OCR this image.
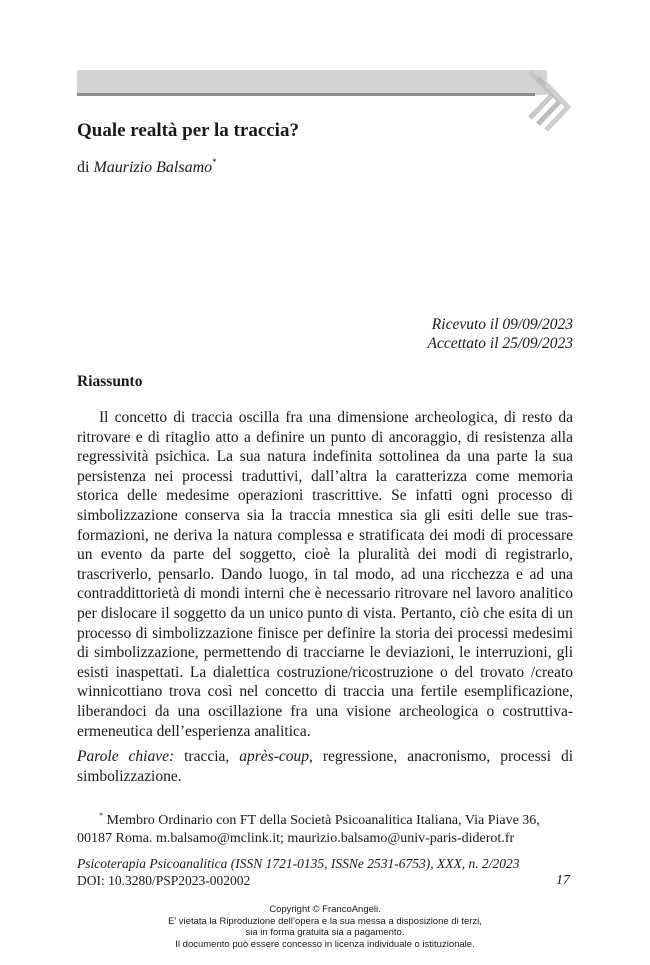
Quale realtà per la traccia?
di Maurizio Balsamo*
Ricevuto il 09/09/2023
Accettato il 25/09/2023
Riassunto

Il concetto di traccia oscilla fra una dimensione archeologica, di resto da ritrovare e di ritaglio atto a definire un punto di ancoraggio, di resistenza alla regressività psichica. La sua natura indefinita sottolinea da una parte la sua persistenza nei processi traduttivi, dall’altra la caratterizza come memoria storica delle medesime operazioni trascrittive. Se infatti ogni processo di simbolizzazione conserva sia la traccia mnestica sia gli esiti delle sue trasformazioni, ne deriva la natura complessa e stratificata dei modi di processare un evento da parte del soggetto, cioè la pluralità dei modi di registrarlo, trascriverlo, pensarlo. Dando luogo, in tal modo, ad una ricchezza e ad una contraddittorietà di mondi interni che è necessario ritrovare nel lavoro analitico per dislocare il soggetto da un unico punto di vista. Pertanto, ciò che esita di un processo di simbolizzazione finisce per definire la storia dei processi medesimi di simbolizzazione, permettendo di tracciarne le deviazioni, le interruzioni, gli esisti inaspettati. La dialettica costruzione/ricostruzione o del trovato /creato winnicottiano trova così nel concetto di traccia una fertile esemplificazione, liberandoci da una oscillazione fra una visione archeologica o costruttiva-ermeneutica dell’esperienza analitica.

Parole chiave: traccia, après-coup, regressione, anacronismo, processi di simbolizzazione.

* Membro Ordinario con FT della Società Psicoanalitica Italiana, Via Piave 36, 00187 Roma. m.balsamo@mclink.it; maurizio.balsamo@univ-paris-diderot.fr

Psicoterapia Psicoanalitica (ISSN 1721-0135, ISSNe 2531-6753), XXX, n. 2/2023
DOI: 10.3280/PSP2023-002002	17
Copyright © FrancoAngeli.
E’ vietata la Riproduzione dell’opera e la sua messa a disposizione di terzi,
sia in forma gratuita sia a pagamento.
Il documento può essere concesso in licenza individuale o istituzionale.
